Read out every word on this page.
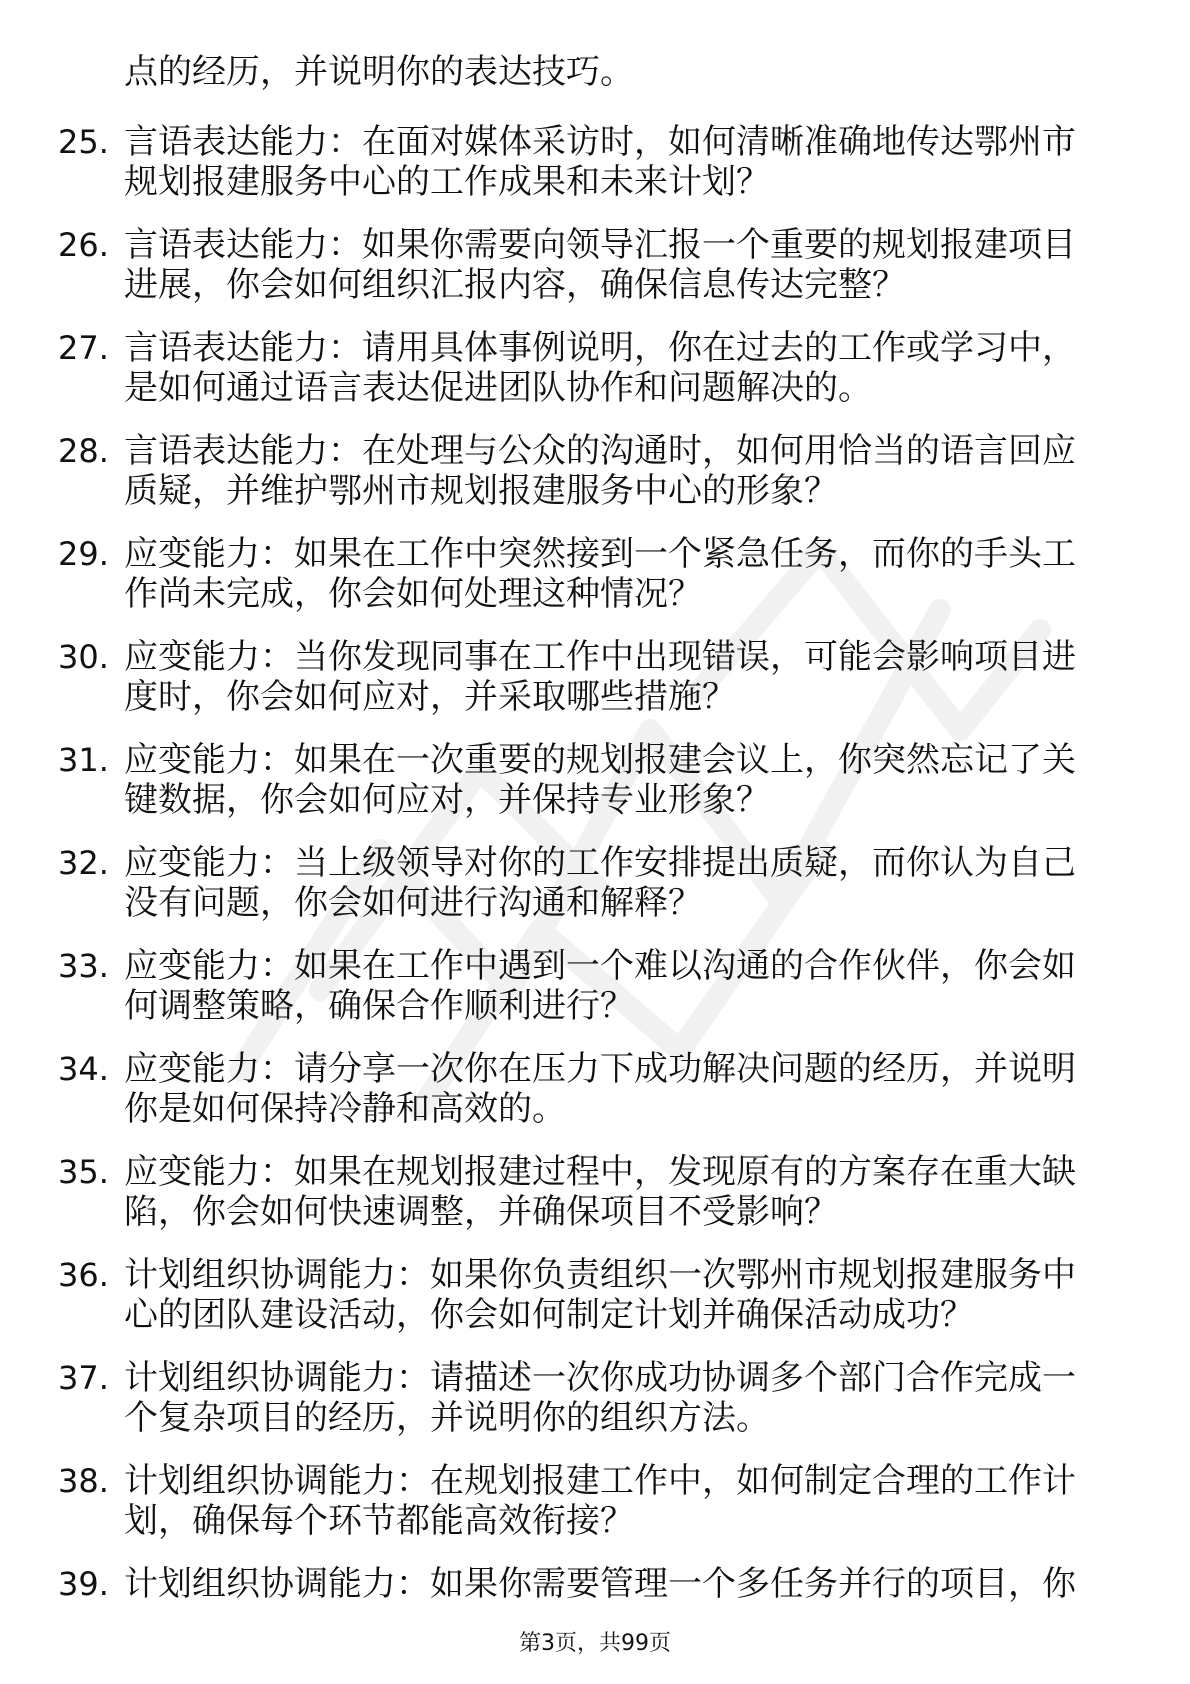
点的经历，并说明你的表达技巧。
25. 言语表达能力：在面对媒体采访时，如何清晰准确地传达鄂州市
规划报建服务中心的工作成果和未来计划？
26. 言语表达能力：如果你需要向领导汇报一个重要的规划报建项目
进展，你会如何组织汇报内容，确保信息传达完整？
27. 言语表达能力：请用具体事例说明，你在过去的工作或学习中，
是如何通过语言表达促进团队协作和问题解决的。
28. 言语表达能力：在处理与公众的沟通时，如何用恰当的语言回应
质疑，并维护鄂州市规划报建服务中心的形象？
29. 应变能力：如果在工作中突然接到一个紧急任务，而你的手头工
作尚未完成，你会如何处理这种情况？
30. 应变能力：当你发现同事在工作中出现错误，可能会影响项目进
度时，你会如何应对，并采取哪些措施？
31. 应变能力：如果在一次重要的规划报建会议上，你突然忘记了关
键数据，你会如何应对，并保持专业形象？
32. 应变能力：当上级领导对你的工作安排提出质疑，而你认为自己
没有问题，你会如何进行沟通和解释？
33. 应变能力：如果在工作中遇到一个难以沟通的合作伙伴，你会如
何调整策略，确保合作顺利进行？
34. 应变能力：请分享一次你在压力下成功解决问题的经历，并说明
你是如何保持冷静和高效的。
35. 应变能力：如果在规划报建过程中，发现原有的方案存在重大缺
陷，你会如何快速调整，并确保项目不受影响？
36. 计划组织协调能力：如果你负责组织一次鄂州市规划报建服务中
心的团队建设活动，你会如何制定计划并确保活动成功？
37. 计划组织协调能力：请描述一次你成功协调多个部门合作完成一
个复杂项目的经历，并说明你的组织方法。
38. 计划组织协调能力：在规划报建工作中，如何制定合理的工作计
划，确保每个环节都能高效衔接？
39. 计划组织协调能力：如果你需要管理一个多任务并行的项目，你
第3页，共99页
